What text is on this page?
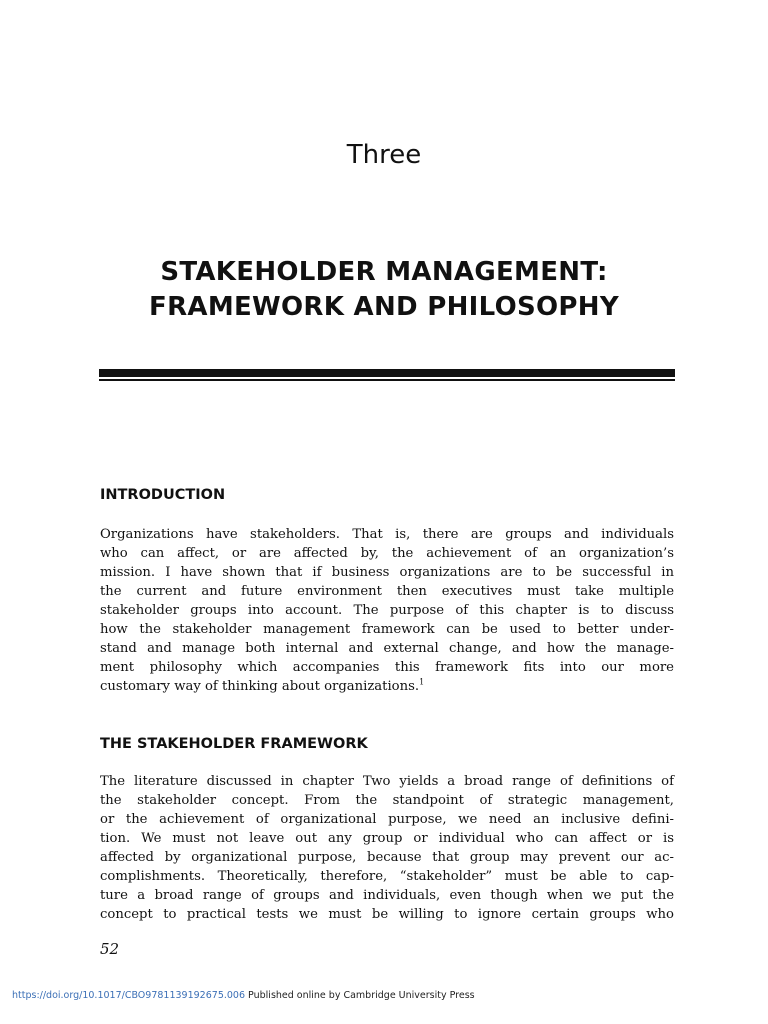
Three
STAKEHOLDER MANAGEMENT:
FRAMEWORK AND PHILOSOPHY
INTRODUCTION
Organizations have stakeholders. That is, there are groups and individuals
who can affect, or are affected by, the achievement of an organization’s
mission. I have shown that if business organizations are to be successful in
the current and future environment then executives must take multiple
stakeholder groups into account. The purpose of this chapter is to discuss
how the stakeholder management framework can be used to better under-
stand and manage both internal and external change, and how the manage-
ment philosophy which accompanies this framework fits into our more
customary way of thinking about organizations.$^1$
THE STAKEHOLDER FRAMEWORK
The literature discussed in chapter Two yields a broad range of definitions of
the stakeholder concept. From the standpoint of strategic management,
or the achievement of organizational purpose, we need an inclusive defini-
tion. We must not leave out any group or individual who can affect or is
affected by organizational purpose, because that group may prevent our ac-
complishments. Theoretically, therefore, “stakeholder” must be able to cap-
ture a broad range of groups and individuals, even though when we put the
concept to practical tests we must be willing to ignore certain groups who

52

https://doi.org/10.1017/CBO9781139192675.006 Published online by Cambridge University Press
